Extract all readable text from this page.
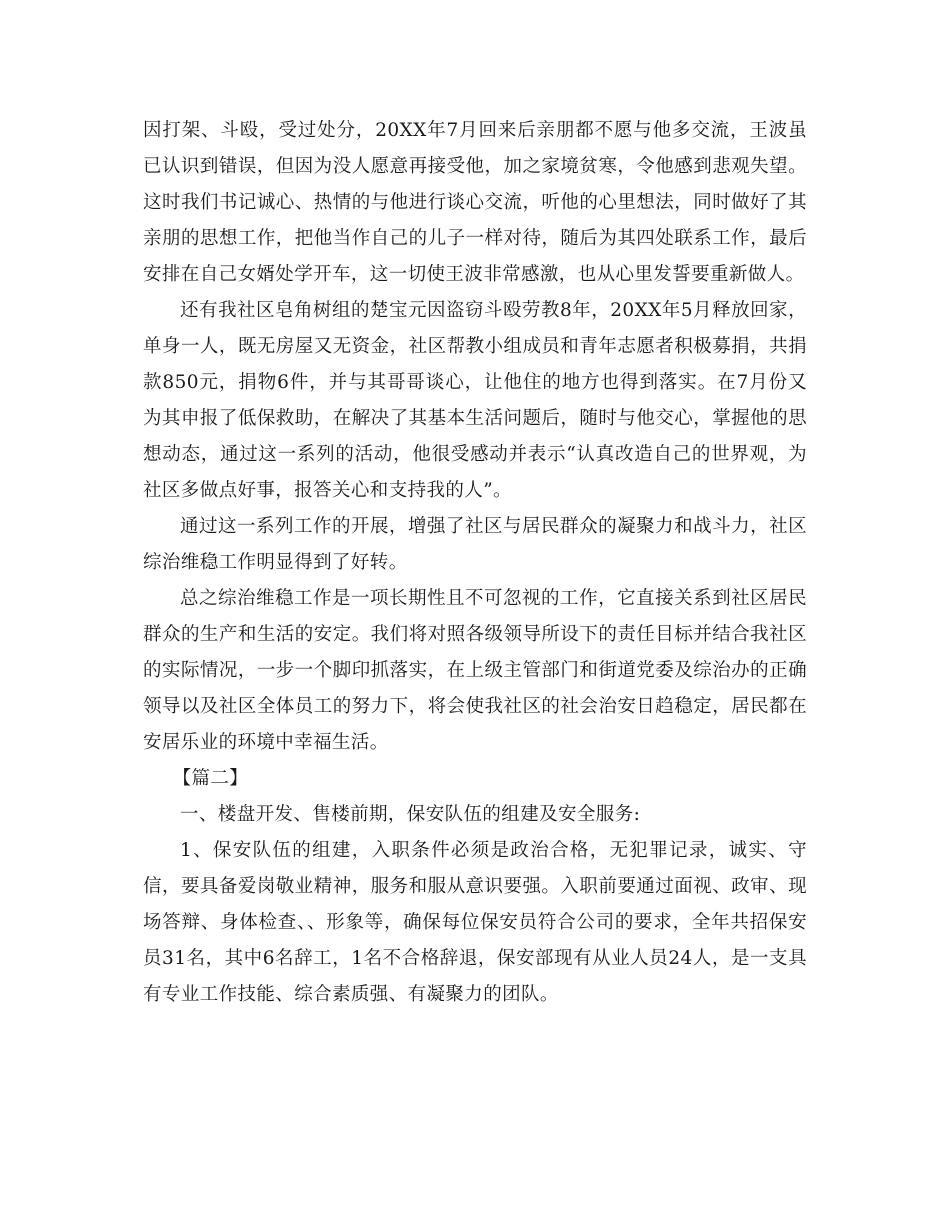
因打架、斗殴，受过处分，20XX年7月回来后亲朋都不愿与他多交流，王波虽已认识到错误，但因为没人愿意再接受他，加之家境贫寒，令他感到悲观失望。这时我们书记诚心、热情的与他进行谈心交流，听他的心里想法，同时做好了其亲朋的思想工作，把他当作自己的儿子一样对待，随后为其四处联系工作，最后安排在自己女婿处学开车，这一切使王波非常感激，也从心里发誓要重新做人。

还有我社区皂角树组的楚宝元因盗窃斗殴劳教8年，20XX年5月释放回家，单身一人，既无房屋又无资金，社区帮教小组成员和青年志愿者积极募捐，共捐款850元，捐物6件，并与其哥哥谈心，让他住的地方也得到落实。在7月份又为其申报了低保救助，在解决了其基本生活问题后，随时与他交心，掌握他的思想动态，通过这一系列的活动，他很受感动并表示“认真改造自己的世界观，为社区多做点好事，报答关心和支持我的人”。

通过这一系列工作的开展，增强了社区与居民群众的凝聚力和战斗力，社区综治维稳工作明显得到了好转。

总之综治维稳工作是一项长期性且不可忽视的工作，它直接关系到社区居民群众的生产和生活的安定。我们将对照各级领导所设下的责任目标并结合我社区的实际情况，一步一个脚印抓落实，在上级主管部门和街道党委及综治办的正确领导以及社区全体员工的努力下，将会使我社区的社会治安日趋稳定，居民都在安居乐业的环境中幸福生活。

【篇二】

一、楼盘开发、售楼前期，保安队伍的组建及安全服务:

1、保安队伍的组建，入职条件必须是政治合格，无犯罪记录，诚实、守信，要具备爱岗敬业精神，服务和服从意识要强。入职前要通过面视、政审、现场答辩、身体检查、、形象等，确保每位保安员符合公司的要求，全年共招保安员31名，其中6名辞工，1名不合格辞退，保安部现有从业人员24人，是一支具有专业工作技能、综合素质强、有凝聚力的团队。
